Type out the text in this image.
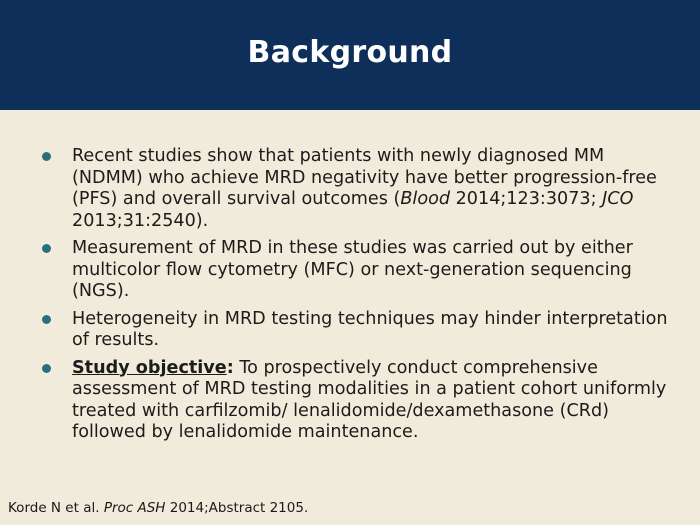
Background
Recent studies show that patients with newly diagnosed MM (NDMM) who achieve MRD negativity have better progression-free (PFS) and overall survival outcomes (Blood 2014;123:3073; JCO 2013;31:2540).
Measurement of MRD in these studies was carried out by either multicolor flow cytometry (MFC) or next-generation sequencing (NGS).
Heterogeneity in MRD testing techniques may hinder interpretation of results.
Study objective: To prospectively conduct comprehensive assessment of MRD testing modalities in a patient cohort uniformly treated with carfilzomib/ lenalidomide/dexamethasone (CRd) followed by lenalidomide maintenance.
Korde N et al. Proc ASH 2014;Abstract 2105.
